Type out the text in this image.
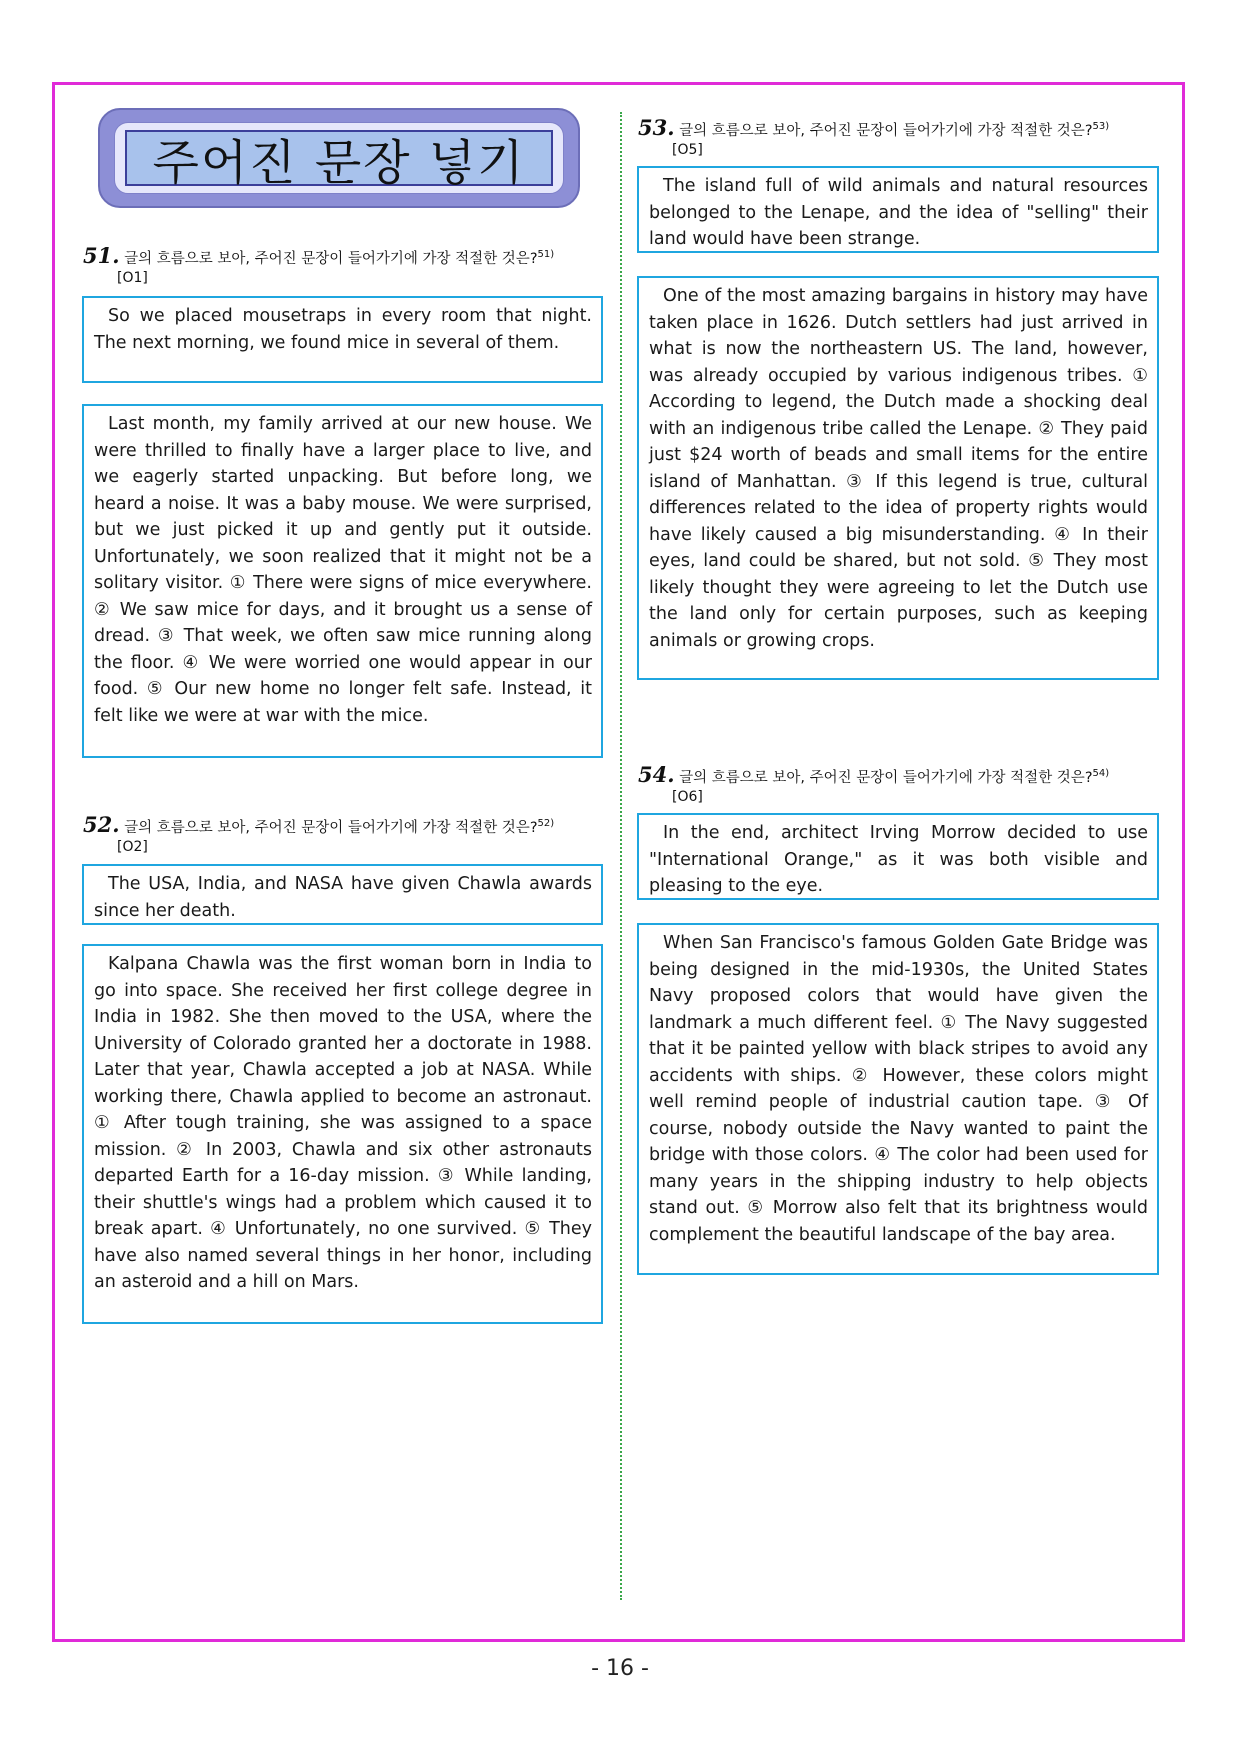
주어진 문장 넣기
51. 글의 흐름으로 보아, 주어진 문장이 들어가기에 가장 적절한 것은?$^{51)}$
[O1]
So we placed mousetraps in every room that night. The next morning, we found mice in several of them.
Last month, my family arrived at our new house. We were thrilled to finally have a larger place to live, and we eagerly started unpacking. But before long, we heard a noise. It was a baby mouse. We were surprised, but we just picked it up and gently put it outside. Unfortunately, we soon realized that it might not be a solitary visitor. ① There were signs of mice everywhere. ② We saw mice for days, and it brought us a sense of dread. ③ That week, we often saw mice running along the floor. ④ We were worried one would appear in our food. ⑤ Our new home no longer felt safe. Instead, it felt like we were at war with the mice.
52. 글의 흐름으로 보아, 주어진 문장이 들어가기에 가장 적절한 것은?$^{52)}$
[O2]
The USA, India, and NASA have given Chawla awards since her death.
Kalpana Chawla was the first woman born in India to go into space. She received her first college degree in India in 1982. She then moved to the USA, where the University of Colorado granted her a doctorate in 1988. Later that year, Chawla accepted a job at NASA. While working there, Chawla applied to become an astronaut. ① After tough training, she was assigned to a space mission. ② In 2003, Chawla and six other astronauts departed Earth for a 16-day mission. ③ While landing, their shuttle's wings had a problem which caused it to break apart. ④ Unfortunately, no one survived. ⑤ They have also named several things in her honor, including an asteroid and a hill on Mars.
53. 글의 흐름으로 보아, 주어진 문장이 들어가기에 가장 적절한 것은?$^{53)}$
[O5]
The island full of wild animals and natural resources belonged to the Lenape, and the idea of "selling" their land would have been strange.
One of the most amazing bargains in history may have taken place in 1626. Dutch settlers had just arrived in what is now the northeastern US. The land, however, was already occupied by various indigenous tribes. ① According to legend, the Dutch made a shocking deal with an indigenous tribe called the Lenape. ② They paid just $24 worth of beads and small items for the entire island of Manhattan. ③ If this legend is true, cultural differences related to the idea of property rights would have likely caused a big misunderstanding. ④ In their eyes, land could be shared, but not sold. ⑤ They most likely thought they were agreeing to let the Dutch use the land only for certain purposes, such as keeping animals or growing crops.
54. 글의 흐름으로 보아, 주어진 문장이 들어가기에 가장 적절한 것은?$^{54)}$
[O6]
In the end, architect Irving Morrow decided to use "International Orange," as it was both visible and pleasing to the eye.
When San Francisco's famous Golden Gate Bridge was being designed in the mid-1930s, the United States Navy proposed colors that would have given the landmark a much different feel. ① The Navy suggested that it be painted yellow with black stripes to avoid any accidents with ships. ② However, these colors might well remind people of industrial caution tape. ③ Of course, nobody outside the Navy wanted to paint the bridge with those colors. ④ The color had been used for many years in the shipping industry to help objects stand out. ⑤ Morrow also felt that its brightness would complement the beautiful landscape of the bay area.
- 16 -
